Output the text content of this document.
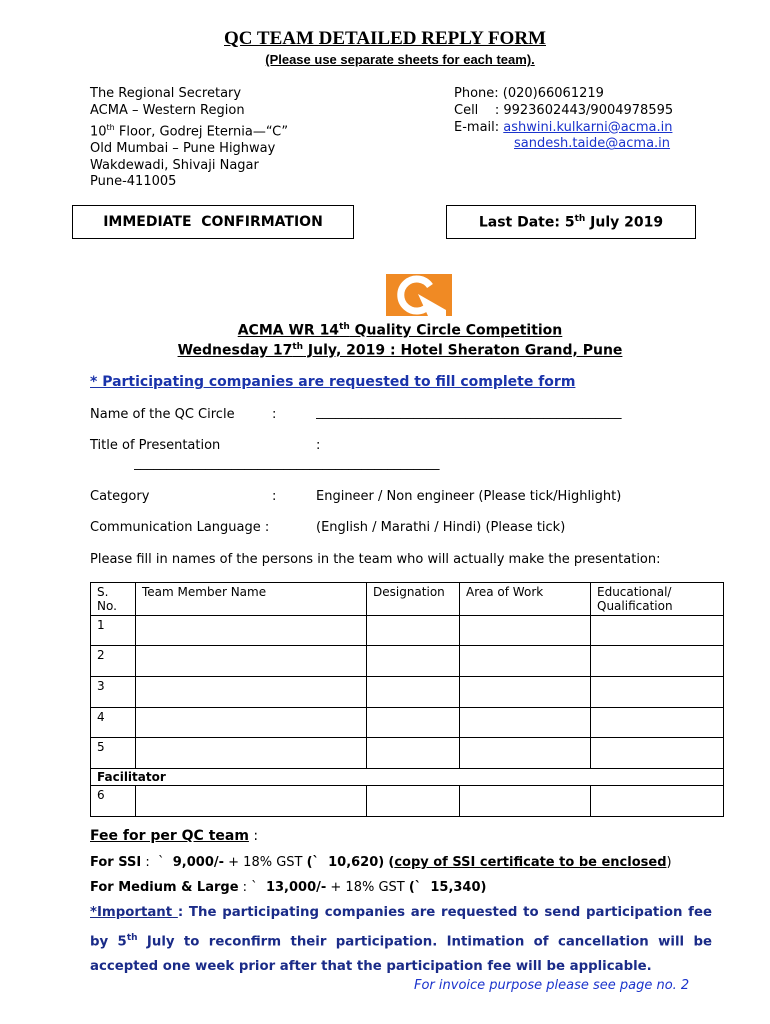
QC TEAM DETAILED REPLY FORM
(Please use separate sheets for each team).
The Regional Secretary
ACMA – Western Region
10th Floor, Godrej Eternia—“C”
Old Mumbai – Pune Highway
Wakdewadi, Shivaji Nagar
Pune-411005
Phone: (020)66061219
Cell    : 9923602443/9004978595
E-mail: ashwini.kulkarni@acma.in
sandesh.taide@acma.in
IMMEDIATE  CONFIRMATION	Last Date: 5th July 2019
ACMA WR 14th Quality Circle Competition
Wednesday 17th July, 2019 : Hotel Sheraton Grand, Pune
* Participating companies are requested to fill complete form
Name of the QC Circle	:	_______________________________________________
Title of Presentation	:
_______________________________________________
Category	:	Engineer / Non engineer (Please tick/Highlight)
Communication Language :	(English / Marathi / Hindi) (Please tick)
Please fill in names of the persons in the team who will actually make the presentation:
S.
No.	Team Member Name	Designation	Area of Work	Educational/
Qualification
1				
2				
3				
4				
5				
Facilitator				
6				
Fee for per QC team :
For SSI :  `  9,000/- + 18% GST (`  10,620) (copy of SSI certificate to be enclosed)
For Medium & Large : `  13,000/- + 18% GST (`  15,340)
*Important : The participating companies are requested to send participation fee by 5th July to reconfirm their participation. Intimation of cancellation will be accepted one week prior after that the participation fee will be applicable.
For invoice purpose please see page no. 2
